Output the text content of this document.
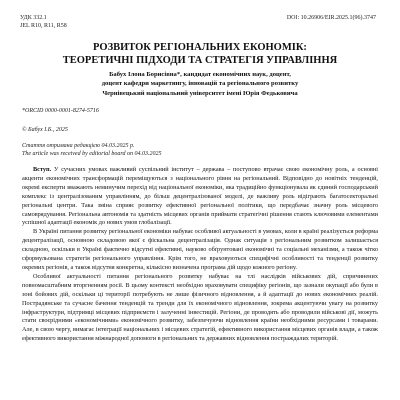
УДК 332.1
JEL R10, R11, R58
DOI: 10.26906/EIR.2025.1(96).3747
РОЗВИТОК РЕГІОНАЛЬНИХ ЕКОНОМІК:
ТЕОРЕТИЧНІ ПІДХОДИ ТА СТРАТЕГІЯ УПРАВЛІННЯ
Бабух Ілона Борисівна*, кандидат економічних наук, доцент,
доцент кафедри маркетингу, інновацій та регіонального розвитку
Чернівецький національний університет імені Юрія Федьковича
*ORCID 0000-0001-8274-5716
© Бабух І.Б., 2025
Стаття отримана редакцією 04.03.2025 р.
The article was received by editorial board on 04.03.2025

Вступ. У сучасних умовах важливий суспільний інститут – держава – поступово втрачає свою економічну роль, а основні акценти економічних трансформацій переміщуються з національного рівня на регіональний. Відповідно до новітніх тенденцій, окремі експерти вважають неминучим перехід від національної економіки, яка традиційно функціонувала як єдиний господарський комплекс із централізованим управлінням, до більш децентралізованої моделі, де важливу роль відіграють багатосекторальні регіональні центри. Така зміна сприяє розвитку ефективної регіональної політики, що передбачає значну роль місцевого самоврядування. Регіональна автономія та здатність місцевих органів приймати стратегічні рішення стають ключовими елементами успішної адаптації економік до нових умов глобалізації.

В Україні питання розвитку регіональної економіки набуває особливої актуальності в умовах, коли в країні реалізується реформа децентралізації, основною складовою якої є фіскальна децентралізація. Однак ситуація з регіональним розвитком залишається складною, оскільки в Україні фактично відсутні ефективні, науково обґрунтовані економічні та соціальні механізми, а також чітко сформульована стратегія регіонального управління. Крім того, не враховуються специфічні особливості та тенденції розвитку окремих регіонів, а також відсутня конкретна, кількісно визначена програма дій щодо кожного регіону.

Особливої актуальності питання регіонального розвитку набуває на тлі наслідків військових дій, спричинених повномасштабним вторгненням росії. В цьому контексті необхідно враховувати специфіку регіонів, що зазнали окупації або були в зоні бойових дій, оскільки ці території потребують не лише фізичного відновлення, а й адаптації до нових економічних реалій. Пострадянське та сучасне бачення тенденцій та тренди для їх економічного відновлення, зокрема акцентуючи увагу на розвитку інфраструктури, підтримці місцевих підприємств і залученні інвестицій. Регіони, де проводять або проводили військові дії, можуть стати своєрідними «економічними» економічного розвитку, забезпечуючи відновлення країни необхідними ресурсами і товарами. Але, в свою чергу, вимагає інтеграції національних і місцевих стратегій, ефективного використання місцевих органів влади, а також ефективного використання міжнародної допомоги в регіональних та державних відновлення постраждалих територій.
